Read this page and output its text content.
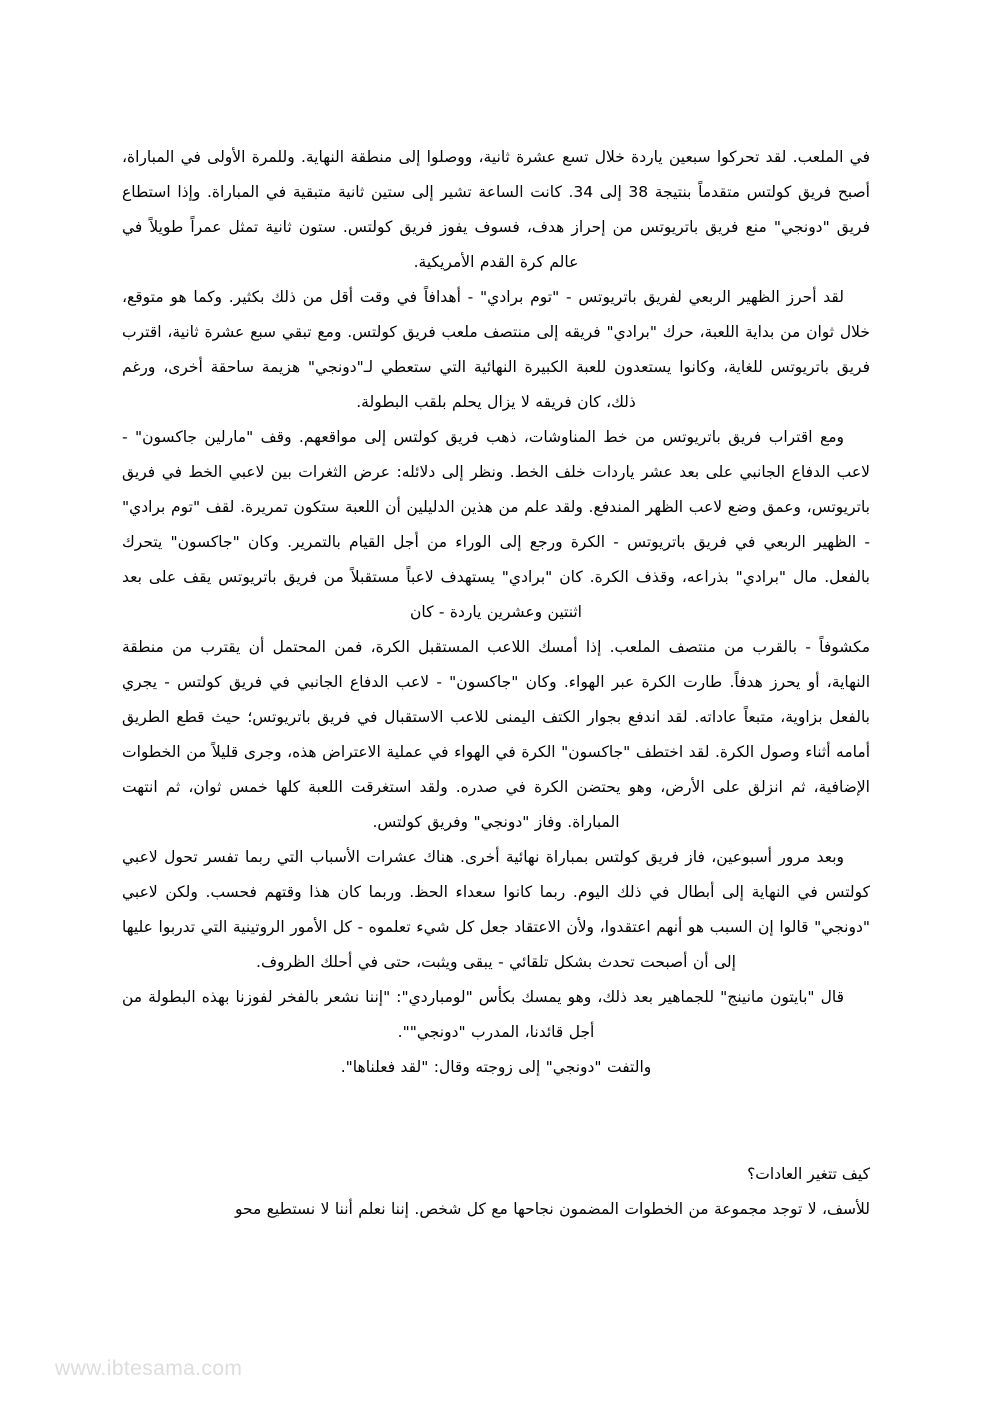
في الملعب. لقد تحركوا سبعين ياردة خلال تسع عشرة ثانية، ووصلوا إلى منطقة النهاية. وللمرة الأولى في المباراة، أصبح فريق كولتس متقدماً بنتيجة 38 إلى 34. كانت الساعة تشير إلى ستين ثانية متبقية في المباراة. وإذا استطاع فريق "دونجي" منع فريق باتريوتس من إحراز هدف، فسوف يفوز فريق كولتس. ستون ثانية تمثل عمراً طويلاً في عالم كرة القدم الأمريكية.

لقد أحرز الظهير الربعي لفريق باتريوتس - "توم برادي" - أهدافاً في وقت أقل من ذلك بكثير. وكما هو متوقع، خلال ثوان من بداية اللعبة، حرك "برادي" فريقه إلى منتصف ملعب فريق كولتس. ومع تبقي سبع عشرة ثانية، اقترب فريق باتريوتس للغاية، وكانوا يستعدون للعبة الكبيرة النهائية التي ستعطي لـ"دونجي" هزيمة ساحقة أخرى، ورغم ذلك، كان فريقه لا يزال يحلم بلقب البطولة.

ومع اقتراب فريق باتريوتس من خط المناوشات، ذهب فريق كولتس إلى مواقعهم. وقف "مارلين جاكسون" - لاعب الدفاع الجانبي على بعد عشر ياردات خلف الخط. ونظر إلى دلائله: عرض الثغرات بين لاعبي الخط في فريق باتريوتس، وعمق وضع لاعب الظهر المندفع. ولقد علم من هذين الدليلين أن اللعبة ستكون تمريرة. لقف "توم برادي" - الظهير الربعي في فريق باتريوتس - الكرة ورجع إلى الوراء من أجل القيام بالتمرير. وكان "جاكسون" يتحرك بالفعل. مال "برادي" بذراعه، وقذف الكرة. كان "برادي" يستهدف لاعباً مستقبلاً من فريق باتريوتس يقف على بعد اثنتين وعشرين ياردة - كان

مكشوفاً - بالقرب من منتصف الملعب. إذا أمسك اللاعب المستقبل الكرة، فمن المحتمل أن يقترب من منطقة النهاية، أو يحرز هدفاً. طارت الكرة عبر الهواء. وكان "جاكسون" - لاعب الدفاع الجانبي في فريق كولتس - يجري بالفعل بزاوية، متبعاً عاداته. لقد اندفع بجوار الكتف اليمنى للاعب الاستقبال في فريق باتريوتس؛ حيث قطع الطريق أمامه أثناء وصول الكرة. لقد اختطف "جاكسون" الكرة في الهواء في عملية الاعتراض هذه، وجرى قليلاً من الخطوات الإضافية، ثم انزلق على الأرض، وهو يحتضن الكرة في صدره. ولقد استغرقت اللعبة كلها خمس ثوان، ثم انتهت المباراة. وفاز "دونجي" وفريق كولتس.

وبعد مرور أسبوعين، فاز فريق كولتس بمباراة نهائية أخرى. هناك عشرات الأسباب التي ربما تفسر تحول لاعبي كولتس في النهاية إلى أبطال في ذلك اليوم. ربما كانوا سعداء الحظ. وربما كان هذا وقتهم فحسب. ولكن لاعبي "دونجي" قالوا إن السبب هو أنهم اعتقدوا، ولأن الاعتقاد جعل كل شيء تعلموه - كل الأمور الروتينية التي تدربوا عليها إلى أن أصبحت تحدث بشكل تلقائي - يبقى ويثبت، حتى في أحلك الظروف.

قال "بايتون مانينج" للجماهير بعد ذلك، وهو يمسك بكأس "لومباردي": "إننا نشعر بالفخر لفوزنا بهذه البطولة من أجل قائدنا، المدرب "دونجي"".

والتفت "دونجي" إلى زوجته وقال: "لقد فعلناها".

كيف تتغير العادات؟

للأسف، لا توجد مجموعة من الخطوات المضمون نجاحها مع كل شخص. إننا نعلم أننا لا نستطيع محو

www.ibtesama.com
